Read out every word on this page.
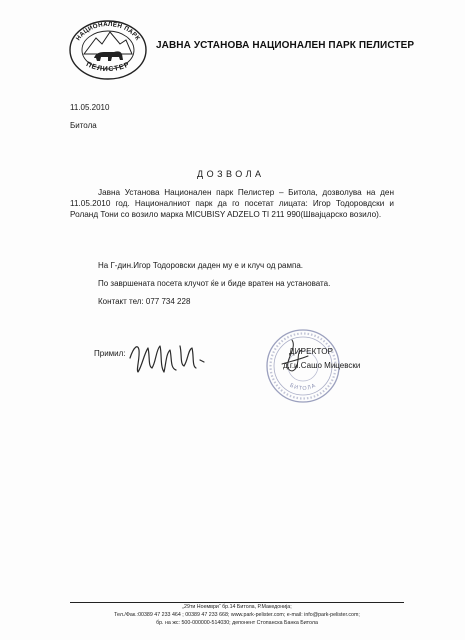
НАЦИОНАЛЕН ПАРК
ПЕЛИСТЕР
ЈАВНА УСТАНОВА НАЦИОНАЛЕН ПАРК ПЕЛИСТЕР
11.05.2010
Битола
ДОЗВОЛА

Јавна Установа Национален парк Пелистер – Битола, дозволува на ден 11.05.2010 год. Националниот парк да го посетат лицата: Игор Тодоровдски и Роланд Тони со возило марка MICUBISY ADZELO TI 211 990(Швајцарско возило).

На Г-дин.Игор Тодоровски даден му е и клуч од рампа.
По завршената посета клучот ќе и биде вратен на установата.
Контакт тел: 077 734 228
Примил:
БИТОЛА
ДИРЕКТОР
д.г.и.Сашо Мицевски
„29ти Ноември“ бр.14 Битола, Р.Македонија;
Тел./Фак.:00389 47 233 464 ; 00389 47 233 668; www.park-pelister.com; e-mail: info@park-pelister.com;
бр. на жс: 500-000000-514030; депонент Стопанска Банка Битола
